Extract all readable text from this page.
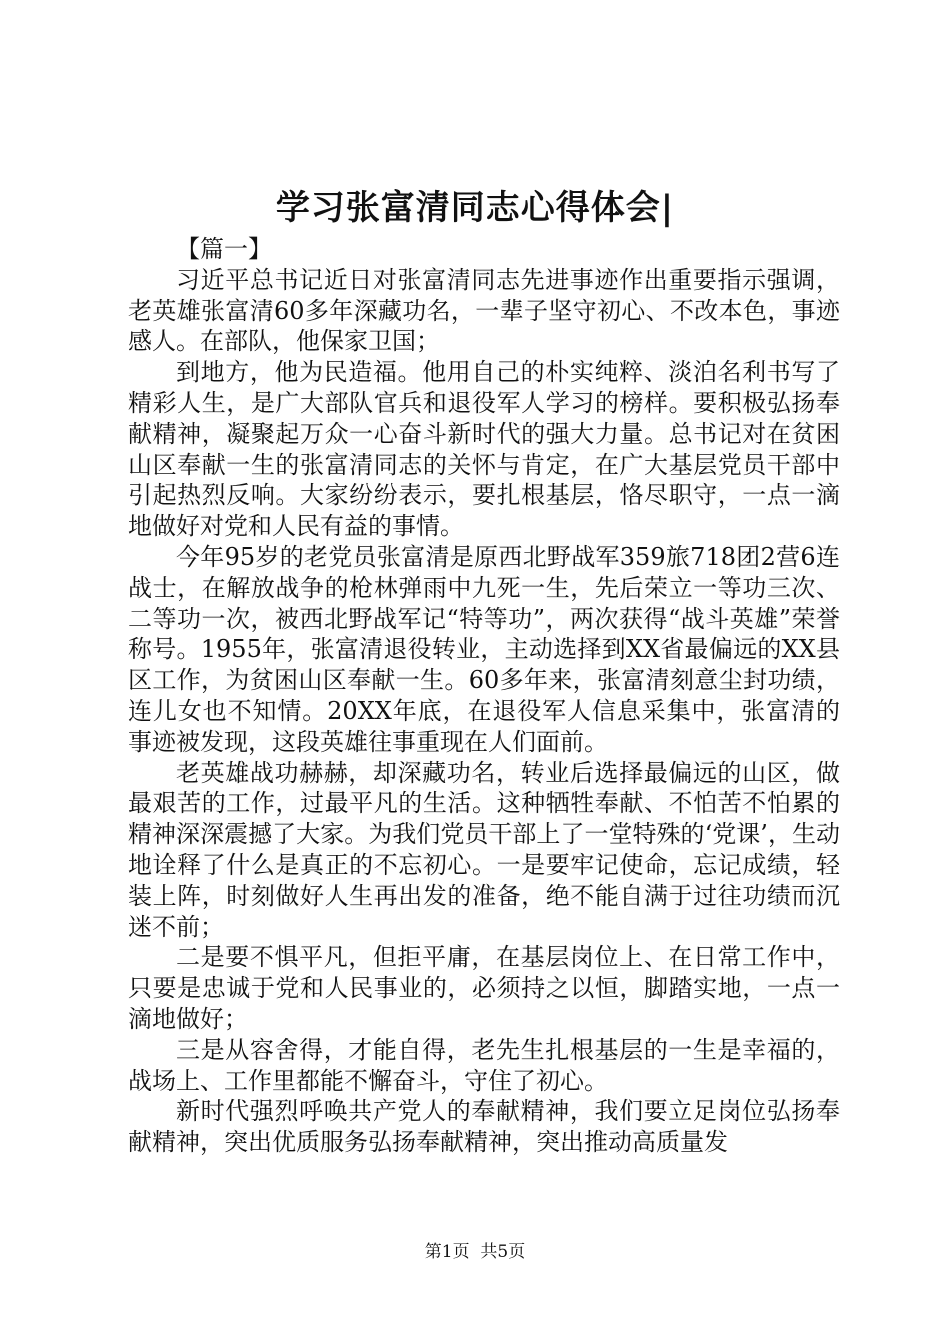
学习张富清同志心得体会|

【篇一】

习近平总书记近日对张富清同志先进事迹作出重要指示强调，老英雄张富清60多年深藏功名，一辈子坚守初心、不改本色，事迹感人。在部队，他保家卫国；

到地方，他为民造福。他用自己的朴实纯粹、淡泊名利书写了精彩人生，是广大部队官兵和退役军人学习的榜样。要积极弘扬奉献精神，凝聚起万众一心奋斗新时代的强大力量。总书记对在贫困山区奉献一生的张富清同志的关怀与肯定，在广大基层党员干部中引起热烈反响。大家纷纷表示，要扎根基层，恪尽职守，一点一滴地做好对党和人民有益的事情。

今年95岁的老党员张富清是原西北野战军359旅718团2营6连战士，在解放战争的枪林弹雨中九死一生，先后荣立一等功三次、二等功一次，被西北野战军记“特等功”，两次获得“战斗英雄”荣誉称号。1955年，张富清退役转业，主动选择到XX省最偏远的XX县区工作，为贫困山区奉献一生。60多年来，张富清刻意尘封功绩，连儿女也不知情。20XX年底，在退役军人信息采集中，张富清的事迹被发现，这段英雄往事重现在人们面前。

老英雄战功赫赫，却深藏功名，转业后选择最偏远的山区，做最艰苦的工作，过最平凡的生活。这种牺牲奉献、不怕苦不怕累的精神深深震撼了大家。为我们党员干部上了一堂特殊的‘党课’，生动地诠释了什么是真正的不忘初心。一是要牢记使命，忘记成绩，轻装上阵，时刻做好人生再出发的准备，绝不能自满于过往功绩而沉迷不前；

二是要不惧平凡，但拒平庸，在基层岗位上、在日常工作中，只要是忠诚于党和人民事业的，必须持之以恒，脚踏实地，一点一滴地做好；

三是从容舍得，才能自得，老先生扎根基层的一生是幸福的，战场上、工作里都能不懈奋斗，守住了初心。

新时代强烈呼唤共产党人的奉献精神，我们要立足岗位弘扬奉献精神，突出优质服务弘扬奉献精神，突出推动高质量发

第1页 共5页
